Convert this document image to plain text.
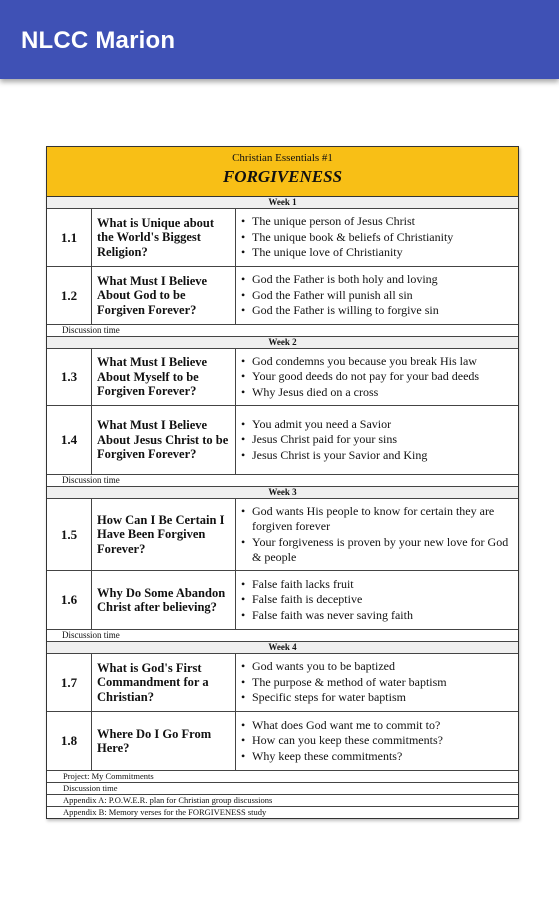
NLCC Marion
Christian Essentials #1
FORGIVENESS
Week 1
1.1
What is Unique about the World's Biggest Religion?
• The unique person of Jesus Christ
• The unique book & beliefs of Christianity
• The unique love of Christianity
1.2
What Must I Believe About God to be Forgiven Forever?
• God the Father is both holy and loving
• God the Father will punish all sin
• God the Father is willing to forgive sin
Discussion time
Week 2
1.3
What Must I Believe About Myself to be Forgiven Forever?
• God condemns you because you break His law
• Your good deeds do not pay for your bad deeds
• Why Jesus died on a cross
1.4
What Must I Believe About Jesus Christ to be Forgiven Forever?
• You admit you need a Savior
• Jesus Christ paid for your sins
• Jesus Christ is your Savior and King
Discussion time
Week 3
1.5
How Can I Be Certain I Have Been Forgiven Forever?
• God wants His people to know for certain they are forgiven forever
• Your forgiveness is proven by your new love for God & people
1.6	Why Do Some Abandon Christ after believing?
• False faith lacks fruit
• False faith is deceptive
• False faith was never saving faith
Discussion time
Week 4
1.7
What is God's First Commandment for a Christian?
• God wants you to be baptized
• The purpose & method of water baptism
• Specific steps for water baptism
1.8	Where Do I Go From Here?
• What does God want me to commit to?
• How can you keep these commitments?
• Why keep these commitments?
Project: My Commitments
Discussion time
Appendix A: P.O.W.E.R. plan for Christian group discussions
Appendix B: Memory verses for the FORGIVENESS study
